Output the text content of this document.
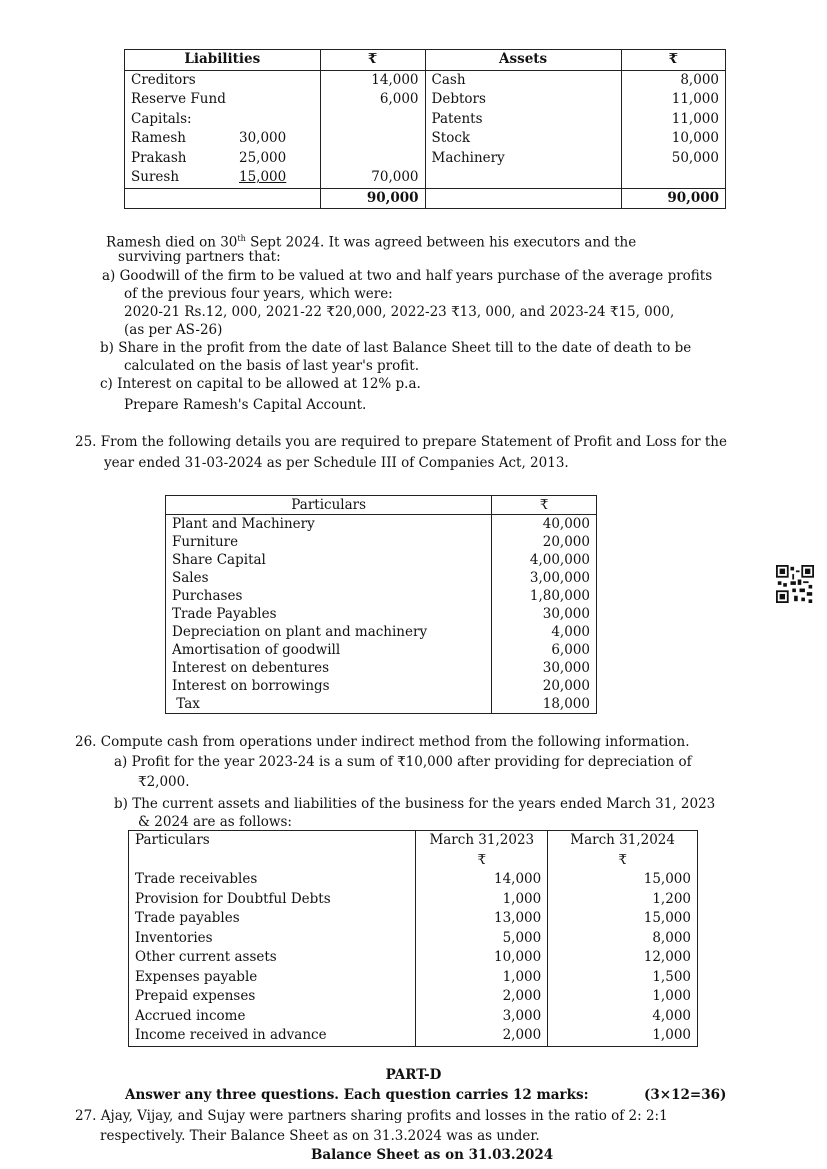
Liabilities	₹	Assets	₹
Creditors	14,000	Cash	8,000
Reserve Fund	6,000	Debtors	11,000
Capitals:		Patents	11,000
Ramesh 30,000		Stock	10,000
Prakash 25,000		Machinery	50,000
Suresh 15,000	70,000		
	90,000		90,000
Ramesh died on 30th Sept 2024. It was agreed between his executors and the
surviving partners that:
a) Goodwill of the firm to be valued at two and half years purchase of the average profits
of the previous four years, which were:
2020-21 Rs.12, 000, 2021-22 ₹20,000, 2022-23 ₹13, 000, and 2023-24 ₹15, 000,
(as per AS-26)
b) Share in the profit from the date of last Balance Sheet till to the date of death to be
calculated on the basis of last year's profit.
c) Interest on capital to be allowed at 12% p.a.
Prepare Ramesh's Capital Account.
25. From the following details you are required to prepare Statement of Profit and Loss for the
year ended 31-03-2024 as per Schedule III of Companies Act, 2013.
Particulars	₹
Plant and Machinery	40,000
Furniture	20,000
Share Capital	4,00,000
Sales	3,00,000
Purchases	1,80,000
Trade Payables	30,000
Depreciation on plant and machinery	4,000
Amortisation of goodwill	6,000
Interest on debentures	30,000
Interest on borrowings	20,000
Tax	18,000
26. Compute cash from operations under indirect method from the following information.
a) Profit for the year 2023-24 is a sum of ₹10,000 after providing for depreciation of
₹2,000.
b) The current assets and liabilities of the business for the years ended March 31, 2023
& 2024 are as follows:
Particulars	March 31,2023	March 31,2024
	₹	₹
Trade receivables	14,000	15,000
Provision for Doubtful Debts	1,000	1,200
Trade payables	13,000	15,000
Inventories	5,000	8,000
Other current assets	10,000	12,000
Expenses payable	1,000	1,500
Prepaid expenses	2,000	1,000
Accrued income	3,000	4,000
Income received in advance	2,000	1,000
PART-D
Answer any three questions. Each question carries 12 marks:	(3×12=36)
27. Ajay, Vijay, and Sujay were partners sharing profits and losses in the ratio of 2: 2:1
respectively. Their Balance Sheet as on 31.3.2024 was as under.
Balance Sheet as on 31.03.2024
